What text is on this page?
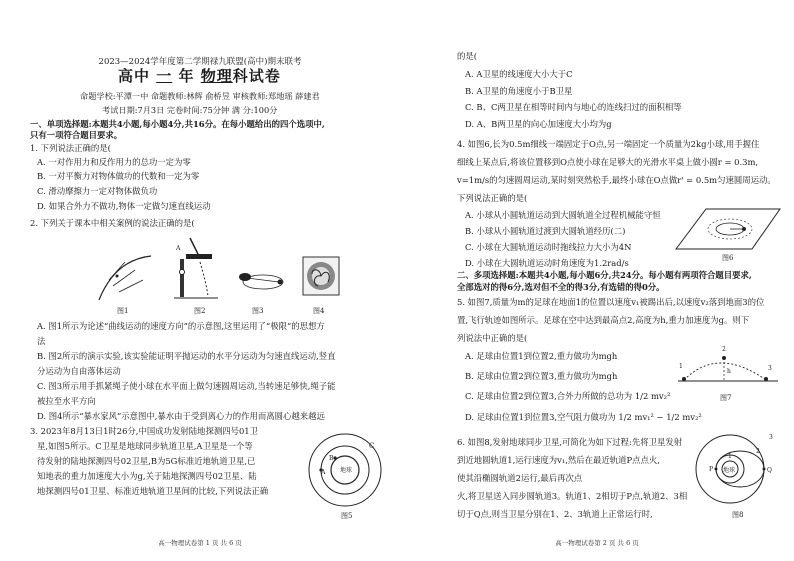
2023—2024学年度第二学期禄九联盟(高中)期末联考
高中 一 年 物理科试卷
命题学校:平潭一中 命题教师:林辉 俞桥昱 审核教师:郑地瑶 薛建君
考试日期:7月3日 完卷时间:75分钟 满 分:100分
一、单项选择题:本题共4小题,每小题4分,共16分。在每小题给出的四个选项中,
只有一项符合题目要求。
1. 下列说法正确的是(
A. 一对作用力和反作用力的总功一定为零
B. 一对平衡力对物体做功的代数和一定为零
C. 滑动摩擦力一定对物体做负功
D. 如果合外力不做功,物体一定做匀速直线运动
2. 下列关于课本中相关案例的说法正确的是(
图1
A
图2	图3	图4
A. 图1所示为论述“曲线运动的速度方向”的示意图,这里运用了“极限”的思想方
法
B. 图2所示的演示实验,该实验能证明平抛运动的水平分运动为匀速直线运动,竖直
分运动为自由落体运动
C. 图3所示用手抓紧绳子使小球在水平面上做匀速圆周运动,当转速足够快,绳子能
被拉至水平方向
D. 图4所示“暴水家风”示意图中,暴水由于受到离心力的作用而离圆心越来越远
3. 2023年8月13日1时26分,中国成功发射陆地探测四号01卫
星,如图5所示。C卫星是地球同步轨道卫星,A卫星是一个等
待发射的陆地探测四号02卫星,B为5G标准近地轨道卫星,已
知地表的重力加速度大小为g,关于陆地探测四号02卫星、陆
地探测四号01卫星、标准近地轨道卫星间的比较,下列说法正确
地球
A
B
C
图5
高一物理试卷第 1 页 共 6 页
的是(
A. A卫星的线速度大小大于C
B. A卫星的角速度小于B卫星
C. B、C两卫星在相等时间内与地心的连线扫过的面积相等
D. A、B两卫星的向心加速度大小均为g
4. 如图6,长为0.5m细线一端固定于O点,另一端固定一个质量为2kg小球,用手握住
细线上某点后,将该位置移到O点使小球在足够大的光滑水平桌上做小圆r = 0.3m,
v=1m/s的匀速圆周运动,某时刻突然松手,最终小球在O点做r' = 0.5m匀速圆周运动。
下列说法正确的是(
A. 小球从小圆轨道运动到大圆轨道全过程机械能守恒
B. 小球从小圆轨道过渡到大圆轨道经历(二)
C. 小球在大圆轨道运动时拖线拉力大小为4N
D. 小球在大圆轨道运动时角速度为1.2rad/s	图6
二、多项选择题:本题共4小题,每小题6分,共24分。每小题有两项符合题目要求,
全部选对的得6分,选对但不全的得3分,有选错的得0分。
5. 如图7,质量为m的足球在地面1的位置以速度v₁被踢出后,以速度v₂落到地面3的位
置,飞行轨迹如图所示。足球在空中达到最高点2,高度为h,重力加速度为g。则下
列说法中正确的是(
A. 足球由位置1到位置2,重力做功为mgh
B. 足球由位置2到位置3,重力做功为mgh
C. 足球由位置2到位置3,合外力所做的总功为 1/2 mv₂²
D. 足球由位置1到位置3,空气阻力做功为 1/2 mv₁² − 1/2 mv₂²
1
2
h	3
图7
6. 如图8,发射地球同步卫星,可简化为如下过程:先将卫星发射
到近地圆轨道1,运行速度为v₁,然后在最近轨道P点点火,
使其沿椭圆轨道2运行,最后再次点
火,将卫星送入同步圆轨道3。轨道1、2相切于P点,轨道2、3相
切于Q点,则当卫星分别在1、2、3轨道上正常运行时,
地球
P	Q
1
2
3
图8
高一物理试卷第 2 页 共 6 页
